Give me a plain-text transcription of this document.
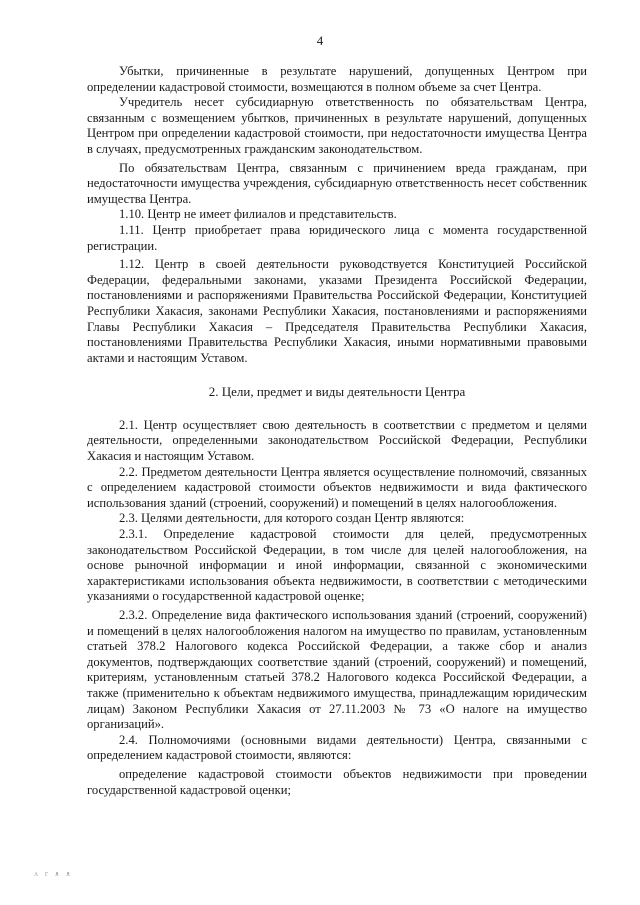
4

Убытки, причиненные в результате нарушений, допущенных Центром при определении кадастровой стоимости, возмещаются в полном объеме за счет Центра.

Учредитель несет субсидиарную ответственность по обязательствам Центра, связанным с возмещением убытков, причиненных в результате нарушений, допущенных Центром при определении кадастровой стоимости, при недостаточности имущества Центра в случаях, предусмотренных гражданским законодательством.

По обязательствам Центра, связанным с причинением вреда гражданам, при недостаточности имущества учреждения, субсидиарную ответственность несет собственник имущества Центра.

1.10. Центр не имеет филиалов и представительств.

1.11. Центр приобретает права юридического лица с момента государственной регистрации.

1.12. Центр в своей деятельности руководствуется Конституцией Российской Федерации, федеральными законами, указами Президента Российской Федерации, постановлениями и распоряжениями Правительства Российской Федерации, Конституцией Республики Хакасия, законами Республики Хакасия, постановлениями и распоряжениями Главы Республики Хакасия – Председателя Правительства Республики Хакасия, постановлениями Правительства Республики Хакасия, иными нормативными правовыми актами и настоящим Уставом.

2. Цели, предмет и виды деятельности Центра

2.1. Центр осуществляет свою деятельность в соответствии с предметом и целями деятельности, определенными законодательством Российской Федерации, Республики Хакасия и настоящим Уставом.

2.2. Предметом деятельности Центра является осуществление полномочий, связанных с определением кадастровой стоимости объектов недвижимости и вида фактического использования зданий (строений, сооружений) и помещений в целях налогообложения.

2.3. Целями деятельности, для которого создан Центр являются:

2.3.1. Определение кадастровой стоимости для целей, предусмотренных законодательством Российской Федерации, в том числе для целей налогообложения, на основе рыночной информации и иной информации, связанной с экономическими характеристиками использования объекта недвижимости, в соответствии с методическими указаниями о государственной кадастровой оценке;

2.3.2. Определение вида фактического использования зданий (строений, сооружений) и помещений в целях налогообложения налогом на имущество по правилам, установленным статьей 378.2 Налогового кодекса Российской Федерации, а также сбор и анализ документов, подтверждающих соответствие зданий (строений, сооружений) и помещений, критериям, установленным статьей 378.2 Налогового кодекса Российской Федерации, а также (применительно к объектам недвижимого имущества, принадлежащим юридическим лицам) Законом Республики Хакасия от 27.11.2003 № 73 «О налоге на имущество организаций».

2.4. Полномочиями (основными видами деятельности) Центра, связанными с определением кадастровой стоимости, являются:

определение кадастровой стоимости объектов недвижимости при проведении государственной кадастровой оценки;

ᴧ ᴦ ᴥ ᴥ
